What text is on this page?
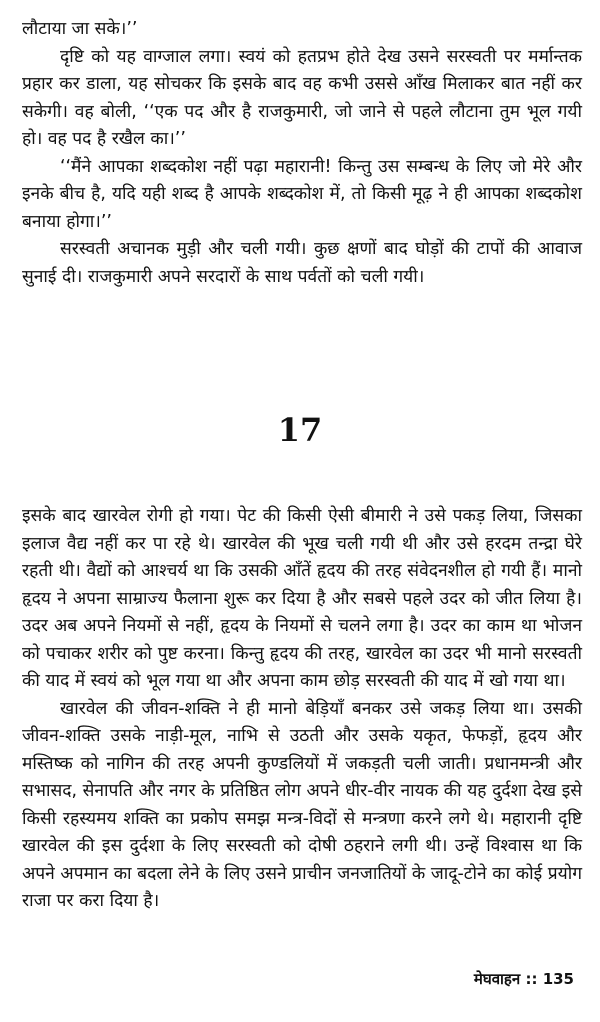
लौटाया जा सके।’’

दृष्टि को यह वाग्जाल लगा। स्वयं को हतप्रभ होते देख उसने सरस्वती पर मर्मान्तक प्रहार कर डाला, यह सोचकर कि इसके बाद वह कभी उससे आँख मिलाकर बात नहीं कर सकेगी। वह बोली, ‘‘एक पद और है राजकुमारी, जो जाने से पहले लौटाना तुम भूल गयी हो। वह पद है रखैल का।’’

‘‘मैंने आपका शब्दकोश नहीं पढ़ा महारानी! किन्तु उस सम्बन्ध के लिए जो मेरे और इनके बीच है, यदि यही शब्द है आपके शब्दकोश में, तो किसी मूढ़ ने ही आपका शब्दकोश बनाया होगा।’’

सरस्वती अचानक मुड़ी और चली गयी। कुछ क्षणों बाद घोड़ों की टापों की आवाज सुनाई दी। राजकुमारी अपने सरदारों के साथ पर्वतों को चली गयी।

17

इसके बाद खारवेल रोगी हो गया। पेट की किसी ऐसी बीमारी ने उसे पकड़ लिया, जिसका इलाज वैद्य नहीं कर पा रहे थे। खारवेल की भूख चली गयी थी और उसे हरदम तन्द्रा घेरे रहती थी। वैद्यों को आश्चर्य था कि उसकी आँतें हृदय की तरह संवेदनशील हो गयी हैं। मानो हृदय ने अपना साम्राज्य फैलाना शुरू कर दिया है और सबसे पहले उदर को जीत लिया है। उदर अब अपने नियमों से नहीं, हृदय के नियमों से चलने लगा है। उदर का काम था भोजन को पचाकर शरीर को पुष्ट करना। किन्तु हृदय की तरह, खारवेल का उदर भी मानो सरस्वती की याद में स्वयं को भूल गया था और अपना काम छोड़ सरस्वती की याद में खो गया था।

खारवेल की जीवन-शक्ति ने ही मानो बेड़ियाँ बनकर उसे जकड़ लिया था। उसकी जीवन-शक्ति उसके नाड़ी-मूल, नाभि से उठती और उसके यकृत, फेफड़ों, हृदय और मस्तिष्क को नागिन की तरह अपनी कुण्डलियों में जकड़ती चली जाती। प्रधानमन्त्री और सभासद, सेनापति और नगर के प्रतिष्ठित लोग अपने धीर-वीर नायक की यह दुर्दशा देख इसे किसी रहस्यमय शक्ति का प्रकोप समझ मन्त्र-विदों से मन्त्रणा करने लगे थे। महारानी दृष्टि खारवेल की इस दुर्दशा के लिए सरस्वती को दोषी ठहराने लगी थी। उन्हें विश्वास था कि अपने अपमान का बदला लेने के लिए उसने प्राचीन जनजातियों के जादू-टोने का कोई प्रयोग राजा पर करा दिया है।

मेघवाहन :: 135
